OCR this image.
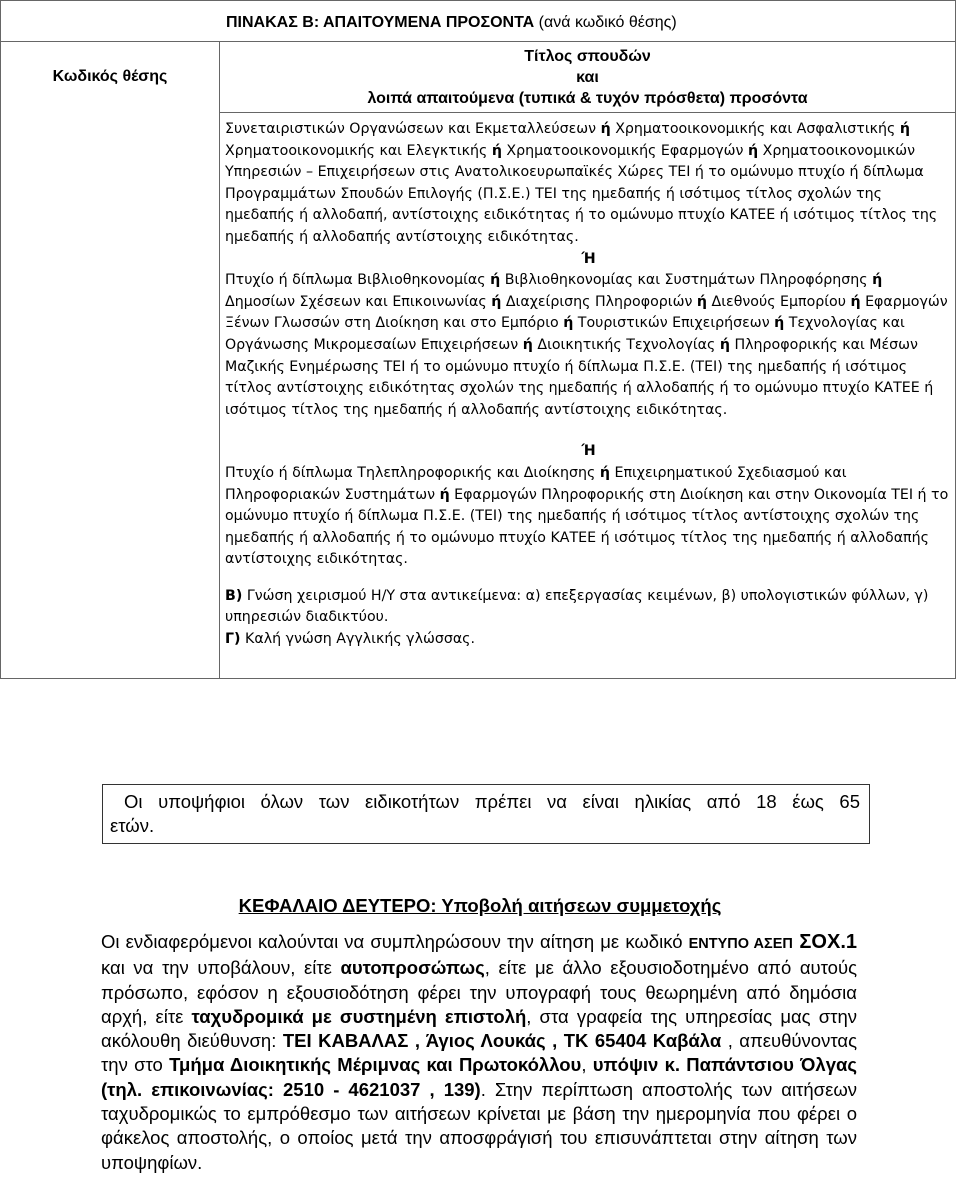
ΠΙΝΑΚΑΣ Β: ΑΠΑΙΤΟΥΜΕΝΑ ΠΡΟΣΟΝΤΑ (ανά κωδικό θέσης)
Κωδικός θέσης
Τίτλος σπουδών
και
λοιπά απαιτούμενα (τυπικά & τυχόν πρόσθετα) προσόντα

Συνεταιριστικών Οργανώσεων και Εκμεταλλεύσεων ή Χρηματοοικονομικής και Ασφαλιστικής ή Χρηματοοικονομικής και Ελεγκτικής ή Χρηματοοικονομικής Εφαρμογών ή Χρηματοοικονομικών Υπηρεσιών – Επιχειρήσεων στις Ανατολικοευρωπαϊκές Χώρες ΤΕΙ ή το ομώνυμο πτυχίο ή δίπλωμα Προγραμμάτων Σπουδών Επιλογής (Π.Σ.Ε.) ΤΕΙ της ημεδαπής ή ισότιμος τίτλος σχολών της ημεδαπής ή αλλοδαπή, αντίστοιχης ειδικότητας ή το ομώνυμο πτυχίο ΚΑΤΕΕ ή ισότιμος τίτλος της ημεδαπής ή αλλοδαπής αντίστοιχης ειδικότητας.

Ή

Πτυχίο ή δίπλωμα Βιβλιοθηκονομίας ή Βιβλιοθηκονομίας και Συστημάτων Πληροφόρησης ή Δημοσίων Σχέσεων και Επικοινωνίας ή Διαχείρισης Πληροφοριών ή Διεθνούς Εμπορίου ή Εφαρμογών Ξένων Γλωσσών στη Διοίκηση και στο Εμπόριο ή Τουριστικών Επιχειρήσεων ή Τεχνολογίας και Οργάνωσης Μικρομεσαίων Επιχειρήσεων ή Διοικητικής Τεχνολογίας ή Πληροφορικής και Μέσων Μαζικής Ενημέρωσης ΤΕΙ ή το ομώνυμο πτυχίο ή δίπλωμα Π.Σ.Ε. (ΤΕΙ) της ημεδαπής ή ισότιμος τίτλος αντίστοιχης ειδικότητας σχολών της ημεδαπής ή αλλοδαπής ή το ομώνυμο πτυχίο ΚΑΤΕΕ ή ισότιμος τίτλος της ημεδαπής ή αλλοδαπής αντίστοιχης ειδικότητας.

Ή

Πτυχίο ή δίπλωμα Τηλεπληροφορικής και Διοίκησης ή Επιχειρηματικού Σχεδιασμού και Πληροφοριακών Συστημάτων ή Εφαρμογών Πληροφορικής στη Διοίκηση και στην Οικονομία ΤΕΙ ή το ομώνυμο πτυχίο ή δίπλωμα Π.Σ.Ε. (ΤΕΙ) της ημεδαπής ή ισότιμος τίτλος αντίστοιχης σχολών της ημεδαπής ή αλλοδαπής ή το ομώνυμο πτυχίο ΚΑΤΕΕ ή ισότιμος τίτλος της ημεδαπής ή αλλοδαπής αντίστοιχης ειδικότητας.

Β) Γνώση χειρισμού Η/Υ στα αντικείμενα: α) επεξεργασίας κειμένων, β) υπολογιστικών φύλλων, γ) υπηρεσιών διαδικτύου.

Γ) Καλή γνώση Αγγλικής γλώσσας.

Οι υποψήφιοι όλων των ειδικοτήτων πρέπει να είναι ηλικίας από 18 έως 65
ετών.
ΚΕΦΑΛΑΙΟ ΔΕΥΤΕΡΟ: Υποβολή αιτήσεων συμμετοχής
Οι ενδιαφερόμενοι καλούνται να συμπληρώσουν την αίτηση με κωδικό ΕΝΤΥΠΟ ΑΣΕΠ ΣΟΧ.1 και να την υποβάλουν, είτε αυτοπροσώπως, είτε με άλλο εξουσιοδοτημένο από αυτούς πρόσωπο, εφόσον η εξουσιοδότηση φέρει την υπογραφή τους θεωρημένη από δημόσια αρχή, είτε ταχυδρομικά με συστημένη επιστολή, στα γραφεία της υπηρεσίας μας στην ακόλουθη διεύθυνση: ΤΕΙ ΚΑΒΑΛΑΣ , Άγιος Λουκάς , ΤΚ 65404 Καβάλα , απευθύνοντας την στο Τμήμα Διοικητικής Μέριμνας και Πρωτοκόλλου, υπόψιν κ. Παπάντσιου Όλγας (τηλ. επικοινωνίας: 2510 - 4621037 , 139). Στην περίπτωση αποστολής των αιτήσεων ταχυδρομικώς το εμπρόθεσμο των αιτήσεων κρίνεται με βάση την ημερομηνία που φέρει ο φάκελος αποστολής, ο οποίος μετά την αποσφράγισή του επισυνάπτεται στην αίτηση των υποψηφίων.
